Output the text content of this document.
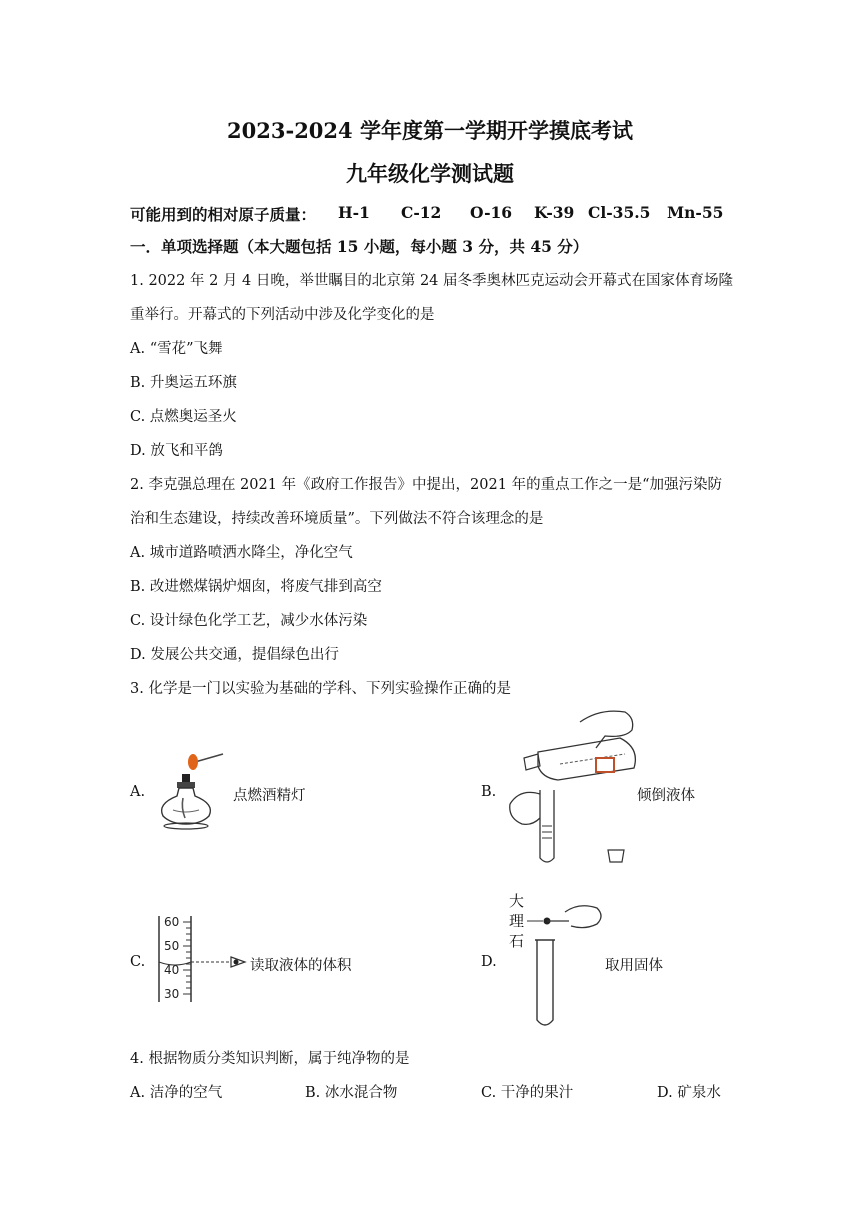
2023-2024 学年度第一学期开学摸底考试
九年级化学测试题
可能用到的相对原子质量： H-1 C-12 O-16 K-39 Cl-35.5 Mn-55
一．单项选择题（本大题包括 15 小题，每小题 3 分，共 45 分）
1. 2022 年 2 月 4 日晚，举世瞩目的北京第 24 届冬季奥林匹克运动会开幕式在国家体育场隆
重举行。开幕式的下列活动中涉及化学变化的是
A. “雪花”飞舞
B. 升奥运五环旗
C. 点燃奥运圣火
D. 放飞和平鸽
2. 李克强总理在 2021 年《政府工作报告》中提出，2021 年的重点工作之一是“加强污染防
治和生态建设，持续改善环境质量”。下列做法不符合该理念的是
A. 城市道路喷洒水降尘，净化空气
B. 改进燃煤锅炉烟囱，将废气排到高空
C. 设计绿色化学工艺，减少水体污染
D. 发展公共交通，提倡绿色出行
3. 化学是一门以实验为基础的学科、下列实验操作正确的是
A.	点燃酒精灯	B.	倾倒液体
C.
60
50
40
30
读取液体的体积	D.
大
理
石
取用固体
4. 根据物质分类知识判断，属于纯净物的是
A. 洁净的空气	B. 冰水混合物	C. 干净的果汁	D. 矿泉水
